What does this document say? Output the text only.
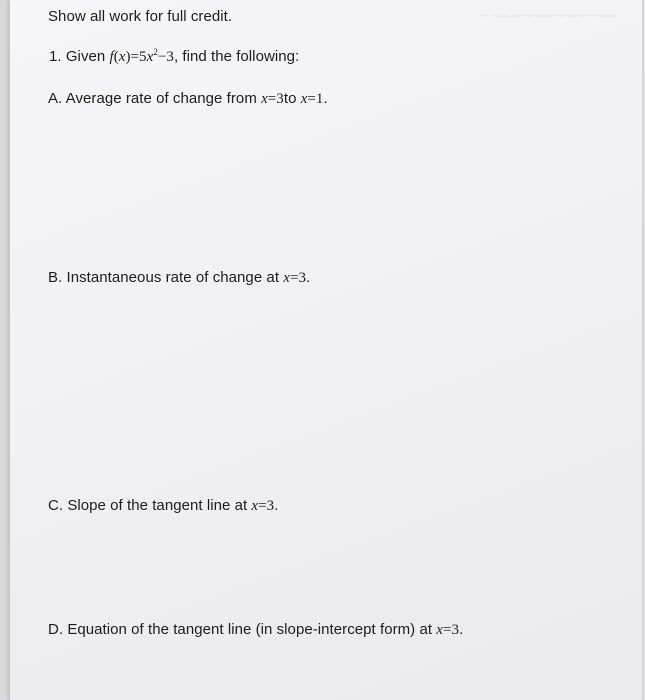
Show all work for full credit.
1. Given $f(x)=5x^2-3$, find the following:
A. Average rate of change from x=3to x=1.
B. Instantaneous rate of change at x=3.
C. Slope of the tangent line at x=3.
D. Equation of the tangent line (in slope-intercept form) at x=3.
